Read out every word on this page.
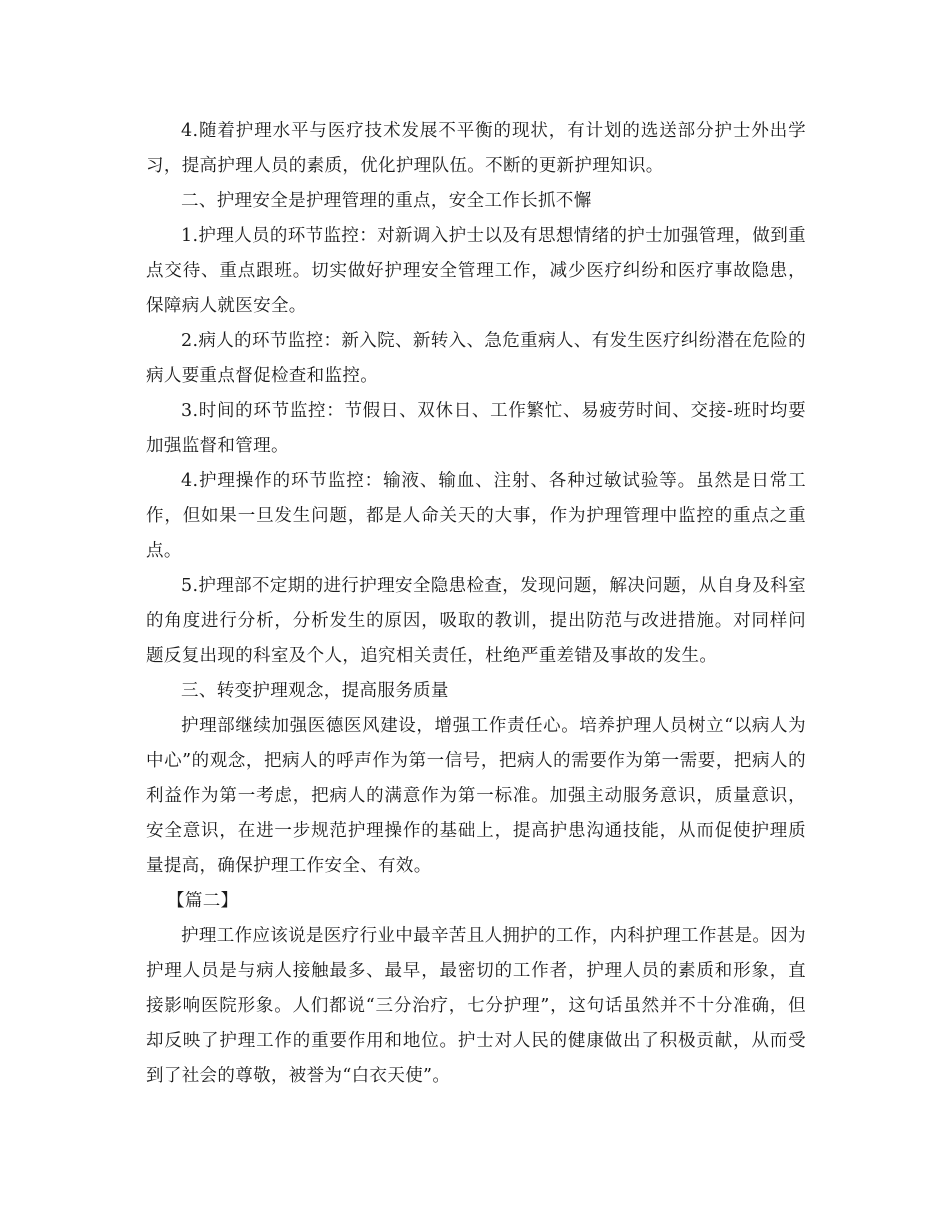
4.随着护理水平与医疗技术发展不平衡的现状，有计划的选送部分护士外出学习，提高护理人员的素质，优化护理队伍。不断的更新护理知识。

二、护理安全是护理管理的重点，安全工作长抓不懈

1.护理人员的环节监控：对新调入护士以及有思想情绪的护士加强管理，做到重点交待、重点跟班。切实做好护理安全管理工作，减少医疗纠纷和医疗事故隐患，保障病人就医安全。

2.病人的环节监控：新入院、新转入、急危重病人、有发生医疗纠纷潜在危险的病人要重点督促检查和监控。

3.时间的环节监控：节假日、双休日、工作繁忙、易疲劳时间、交接-班时均要加强监督和管理。

4.护理操作的环节监控：输液、输血、注射、各种过敏试验等。虽然是日常工作，但如果一旦发生问题，都是人命关天的大事，作为护理管理中监控的重点之重点。

5.护理部不定期的进行护理安全隐患检查，发现问题，解决问题，从自身及科室的角度进行分析，分析发生的原因，吸取的教训，提出防范与改进措施。对同样问题反复出现的科室及个人，追究相关责任，杜绝严重差错及事故的发生。

三、转变护理观念，提高服务质量

护理部继续加强医德医风建设，增强工作责任心。培养护理人员树立“以病人为中心”的观念，把病人的呼声作为第一信号，把病人的需要作为第一需要，把病人的利益作为第一考虑，把病人的满意作为第一标准。加强主动服务意识，质量意识，安全意识，在进一步规范护理操作的基础上，提高护患沟通技能，从而促使护理质量提高，确保护理工作安全、有效。

【篇二】

护理工作应该说是医疗行业中最辛苦且人拥护的工作，内科护理工作甚是。因为护理人员是与病人接触最多、最早，最密切的工作者，护理人员的素质和形象，直接影响医院形象。人们都说“三分治疗，七分护理”，这句话虽然并不十分准确，但却反映了护理工作的重要作用和地位。护士对人民的健康做出了积极贡献，从而受到了社会的尊敬，被誉为“白衣天使”。
